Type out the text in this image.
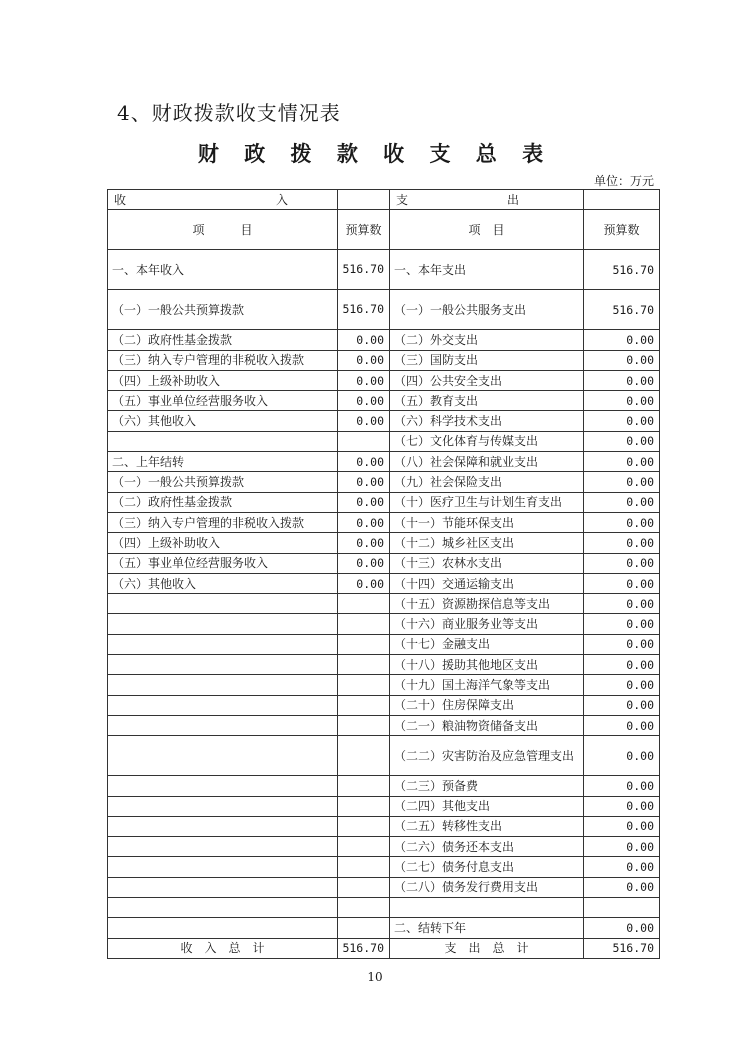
4、财政拨款收支情况表
财 政 拨 款 收 支 总 表
单位：万元
收 入		支 出	

项　　　目	预算数	项　目	预算数
一、本年收入	516.70	一、本年支出	516.70
（一）一般公共预算拨款	516.70	（一）一般公共服务支出	516.70
（二）政府性基金拨款	0.00	（二）外交支出	0.00
（三）纳入专户管理的非税收入拨款	0.00	（三）国防支出	0.00
（四）上级补助收入	0.00	（四）公共安全支出	0.00
（五）事业单位经营服务收入	0.00	（五）教育支出	0.00
（六）其他收入	0.00	（六）科学技术支出	0.00
		（七）文化体育与传媒支出	0.00
二、上年结转	0.00	（八）社会保障和就业支出	0.00
（一）一般公共预算拨款	0.00	（九）社会保险支出	0.00
（二）政府性基金拨款	0.00	（十）医疗卫生与计划生育支出	0.00
（三）纳入专户管理的非税收入拨款	0.00	（十一）节能环保支出	0.00
（四）上级补助收入	0.00	（十二）城乡社区支出	0.00
（五）事业单位经营服务收入	0.00	（十三）农林水支出	0.00
（六）其他收入	0.00	（十四）交通运输支出	0.00
		（十五）资源勘探信息等支出	0.00
		（十六）商业服务业等支出	0.00
		（十七）金融支出	0.00
		（十八）援助其他地区支出	0.00
		（十九）国土海洋气象等支出	0.00
		（二十）住房保障支出	0.00
		（二一）粮油物资储备支出	0.00
		（二二）灾害防治及应急管理支出	0.00
		（二三）预备费	0.00
		（二四）其他支出	0.00
		（二五）转移性支出	0.00
		（二六）债务还本支出	0.00
		（二七）债务付息支出	0.00
		（二八）债务发行费用支出	0.00

		二、结转下年	0.00
收　入　总　计	516.70	支　出　总　计	516.70
10
